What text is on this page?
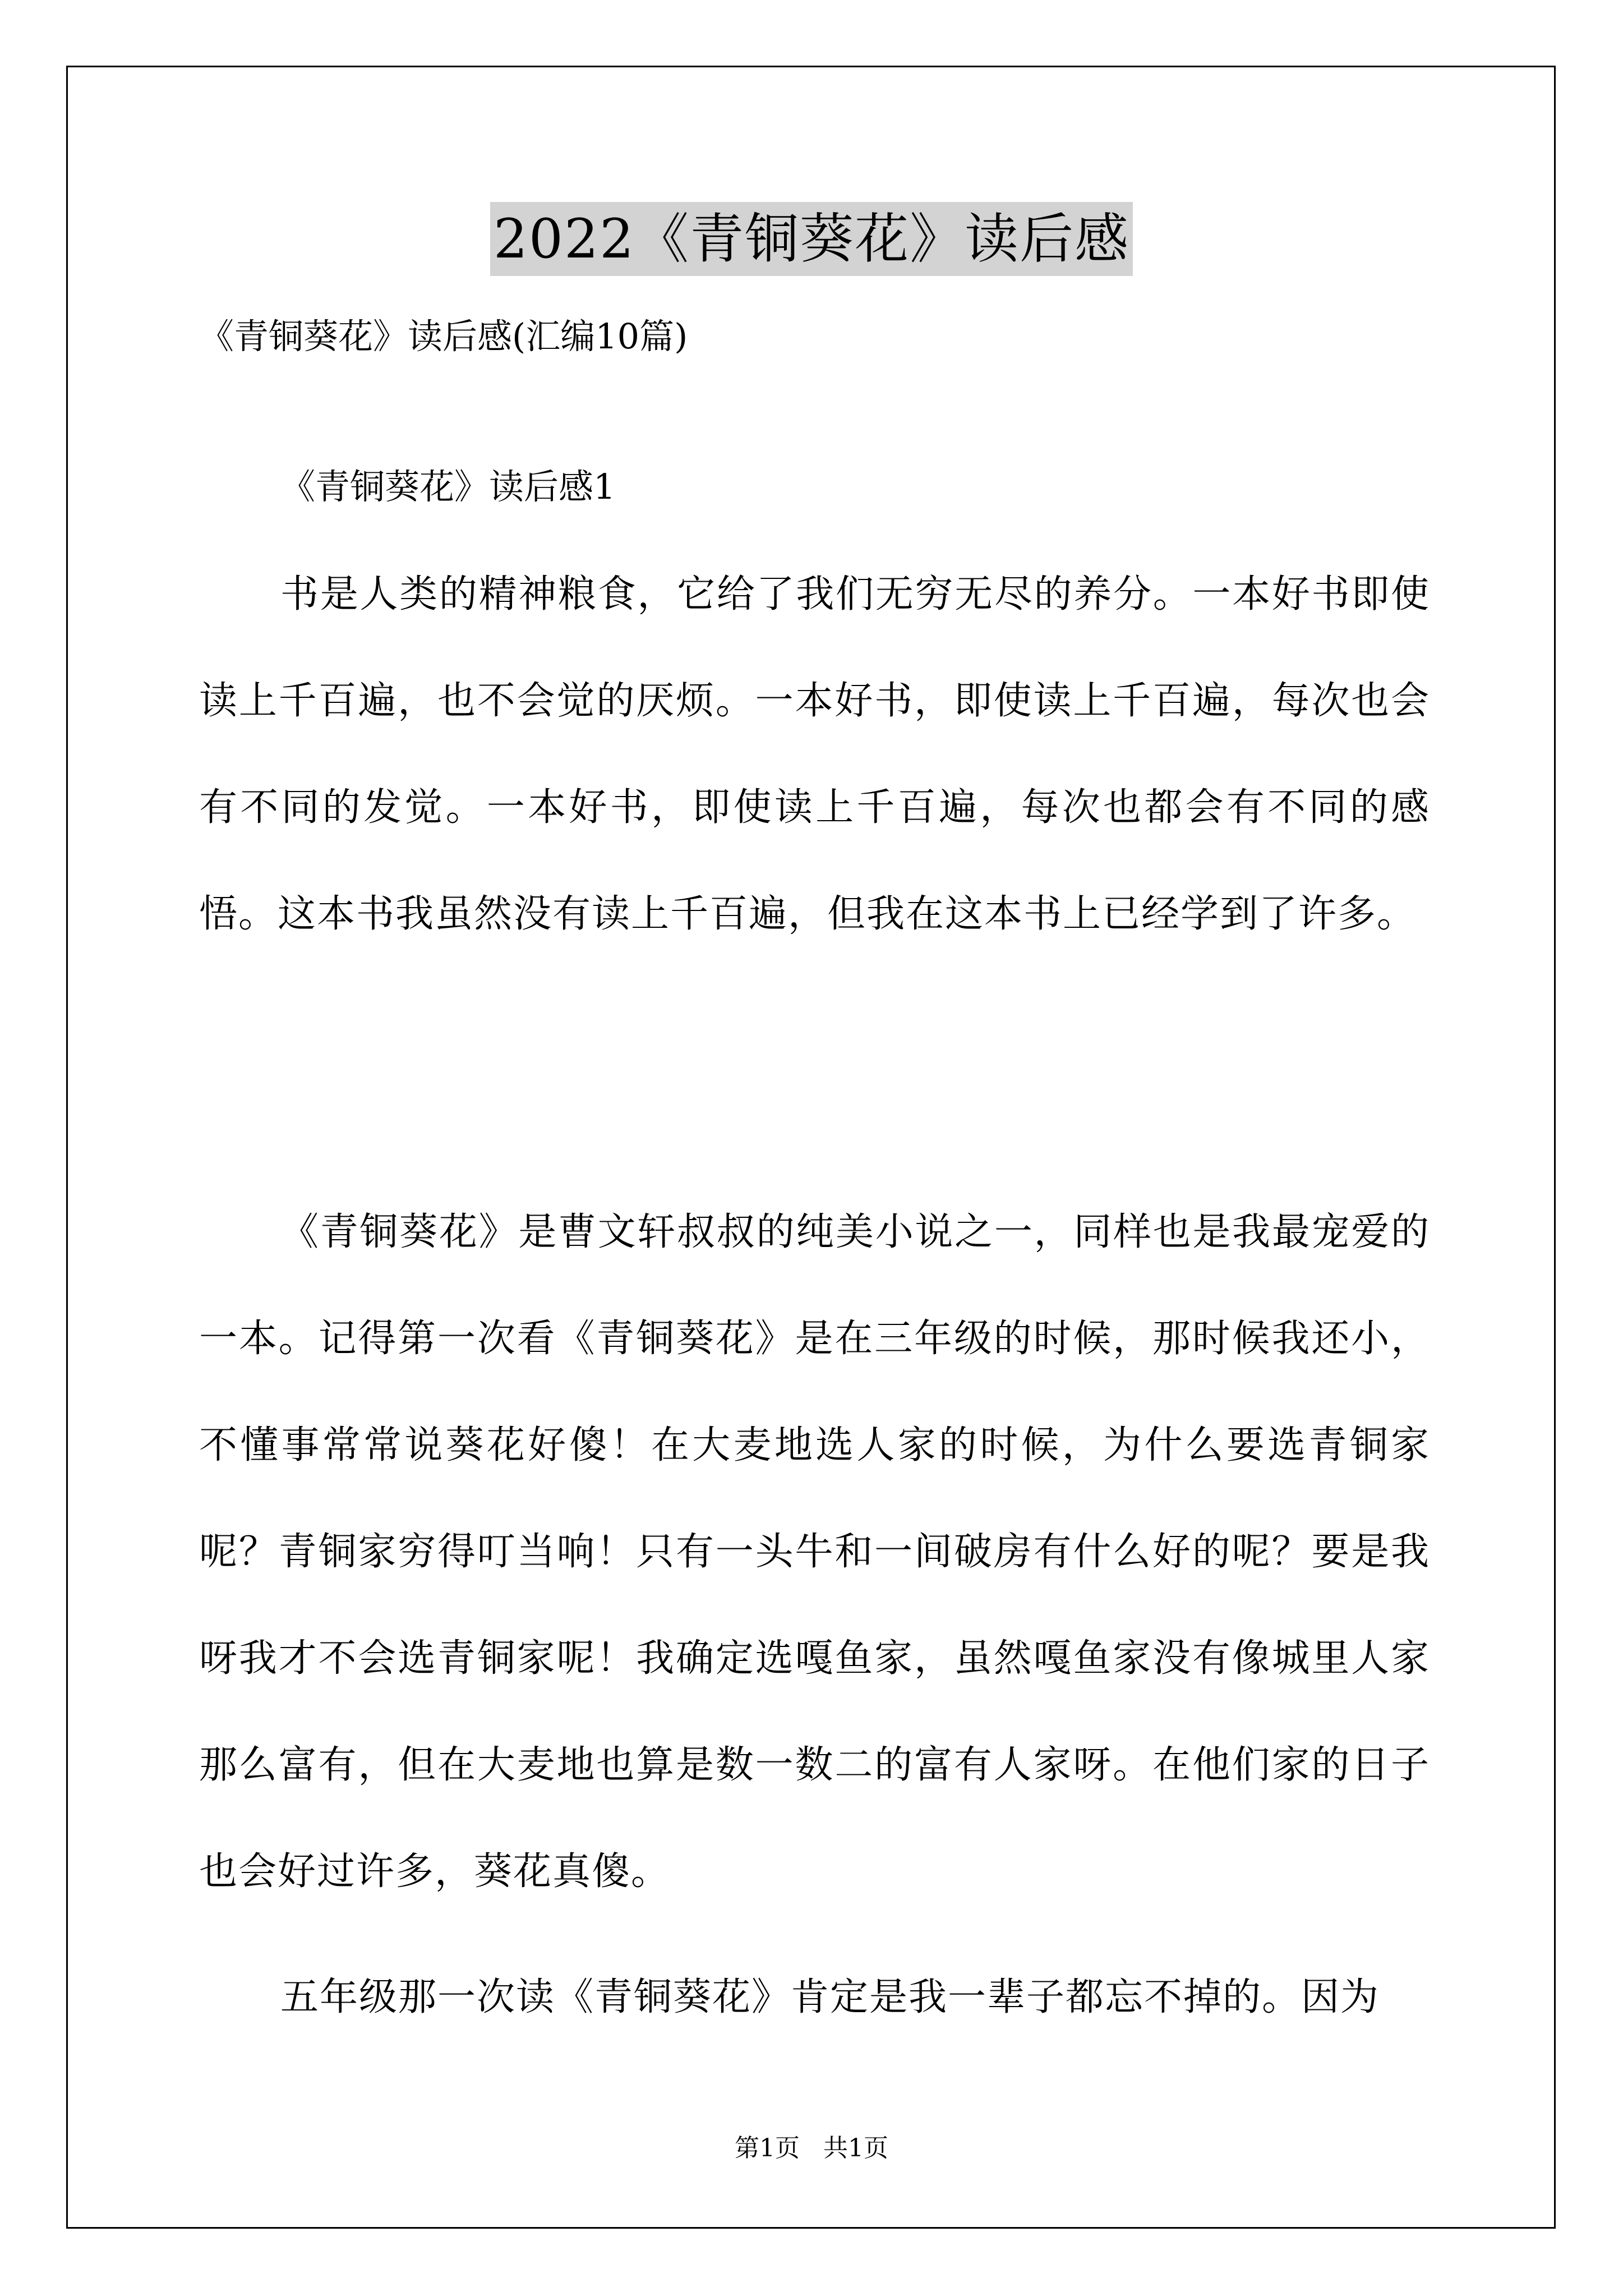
2022《青铜葵花》读后感
《青铜葵花》读后感(汇编10篇)
《青铜葵花》读后感1

书是人类的精神粮食，它给了我们无穷无尽的养分。一本好书即使读上千百遍，也不会觉的厌烦。一本好书，即使读上千百遍，每次也会有不同的发觉。一本好书，即使读上千百遍，每次也都会有不同的感悟。这本书我虽然没有读上千百遍，但我在这本书上已经学到了许多。

《青铜葵花》是曹文轩叔叔的纯美小说之一，同样也是我最宠爱的一本。记得第一次看《青铜葵花》是在三年级的时候，那时候我还小，不懂事常常说葵花好傻！在大麦地选人家的时候，为什么要选青铜家呢？青铜家穷得叮当响！只有一头牛和一间破房有什么好的呢？要是我呀我才不会选青铜家呢！我确定选嘎鱼家，虽然嘎鱼家没有像城里人家那么富有，但在大麦地也算是数一数二的富有人家呀。在他们家的日子也会好过许多，葵花真傻。

五年级那一次读《青铜葵花》肯定是我一辈子都忘不掉的。因为

第1页   共1页
